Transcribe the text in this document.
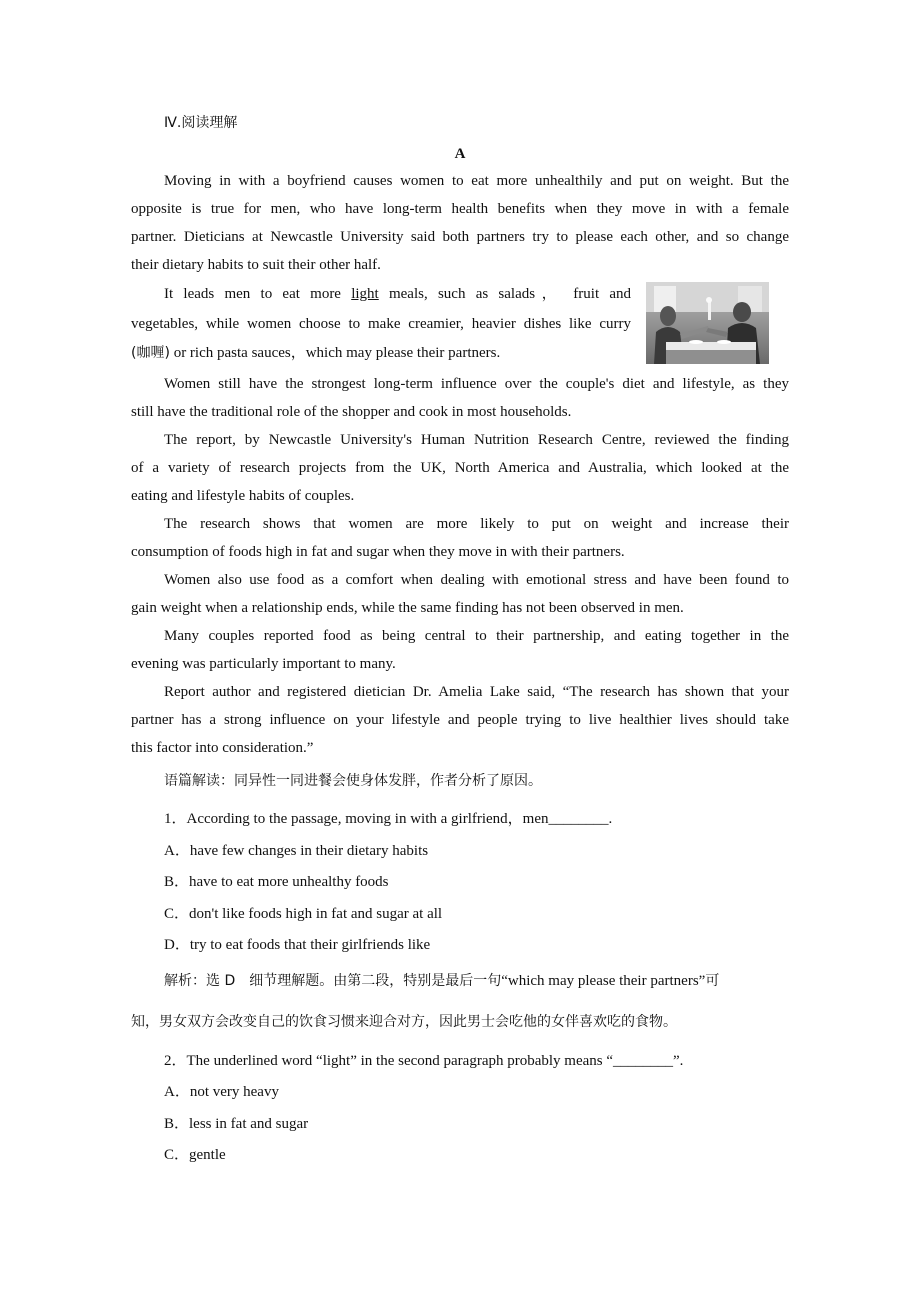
Ⅳ.阅读理解
A
Moving in with a boyfriend causes women to eat more unhealthily and put on weight. But the
opposite is true for men, who have long-term health benefits when they move in with a female
partner. Dieticians at Newcastle University said both partners try to please each other, and so change
their dietary habits to suit their other half.
It leads men to eat more light meals, such as salads， fruit and
vegetables, while women choose to make creamier, heavier dishes like curry
(咖喱) or rich pasta sauces，which may please their partners.
Women still have the strongest long-term influence over the couple's diet and lifestyle, as they
still have the traditional role of the shopper and cook in most households.
The report, by Newcastle University's Human Nutrition Research Centre, reviewed the finding
of a variety of research projects from the UK, North America and Australia, which looked at the
eating and lifestyle habits of couples.
The research shows that women are more likely to put on weight and increase their
consumption of foods high in fat and sugar when they move in with their partners.
Women also use food as a comfort when dealing with emotional stress and have been found to
gain weight when a relationship ends, while the same finding has not been observed in men.
Many couples reported food as being central to their partnership, and eating together in the
evening was particularly important to many.
Report author and registered dietician Dr. Amelia Lake said, “The research has shown that your
partner has a strong influence on your lifestyle and people trying to live healthier lives should take
this factor into consideration.”
语篇解读：同异性一同进餐会使身体发胖，作者分析了原因。
1．According to the passage, moving in with a girlfriend，men________.
A．have few changes in their dietary habits
B．have to eat more unhealthy foods
C．don't like foods high in fat and sugar at all
D．try to eat foods that their girlfriends like
解析：选 D　细节理解题。由第二段，特别是最后一句“which may please their partners”可
知，男女双方会改变自己的饮食习惯来迎合对方，因此男士会吃他的女伴喜欢吃的食物。
2．The underlined word “light” in the second paragraph probably means “________”.
A．not very heavy
B．less in fat and sugar
C．gentle
